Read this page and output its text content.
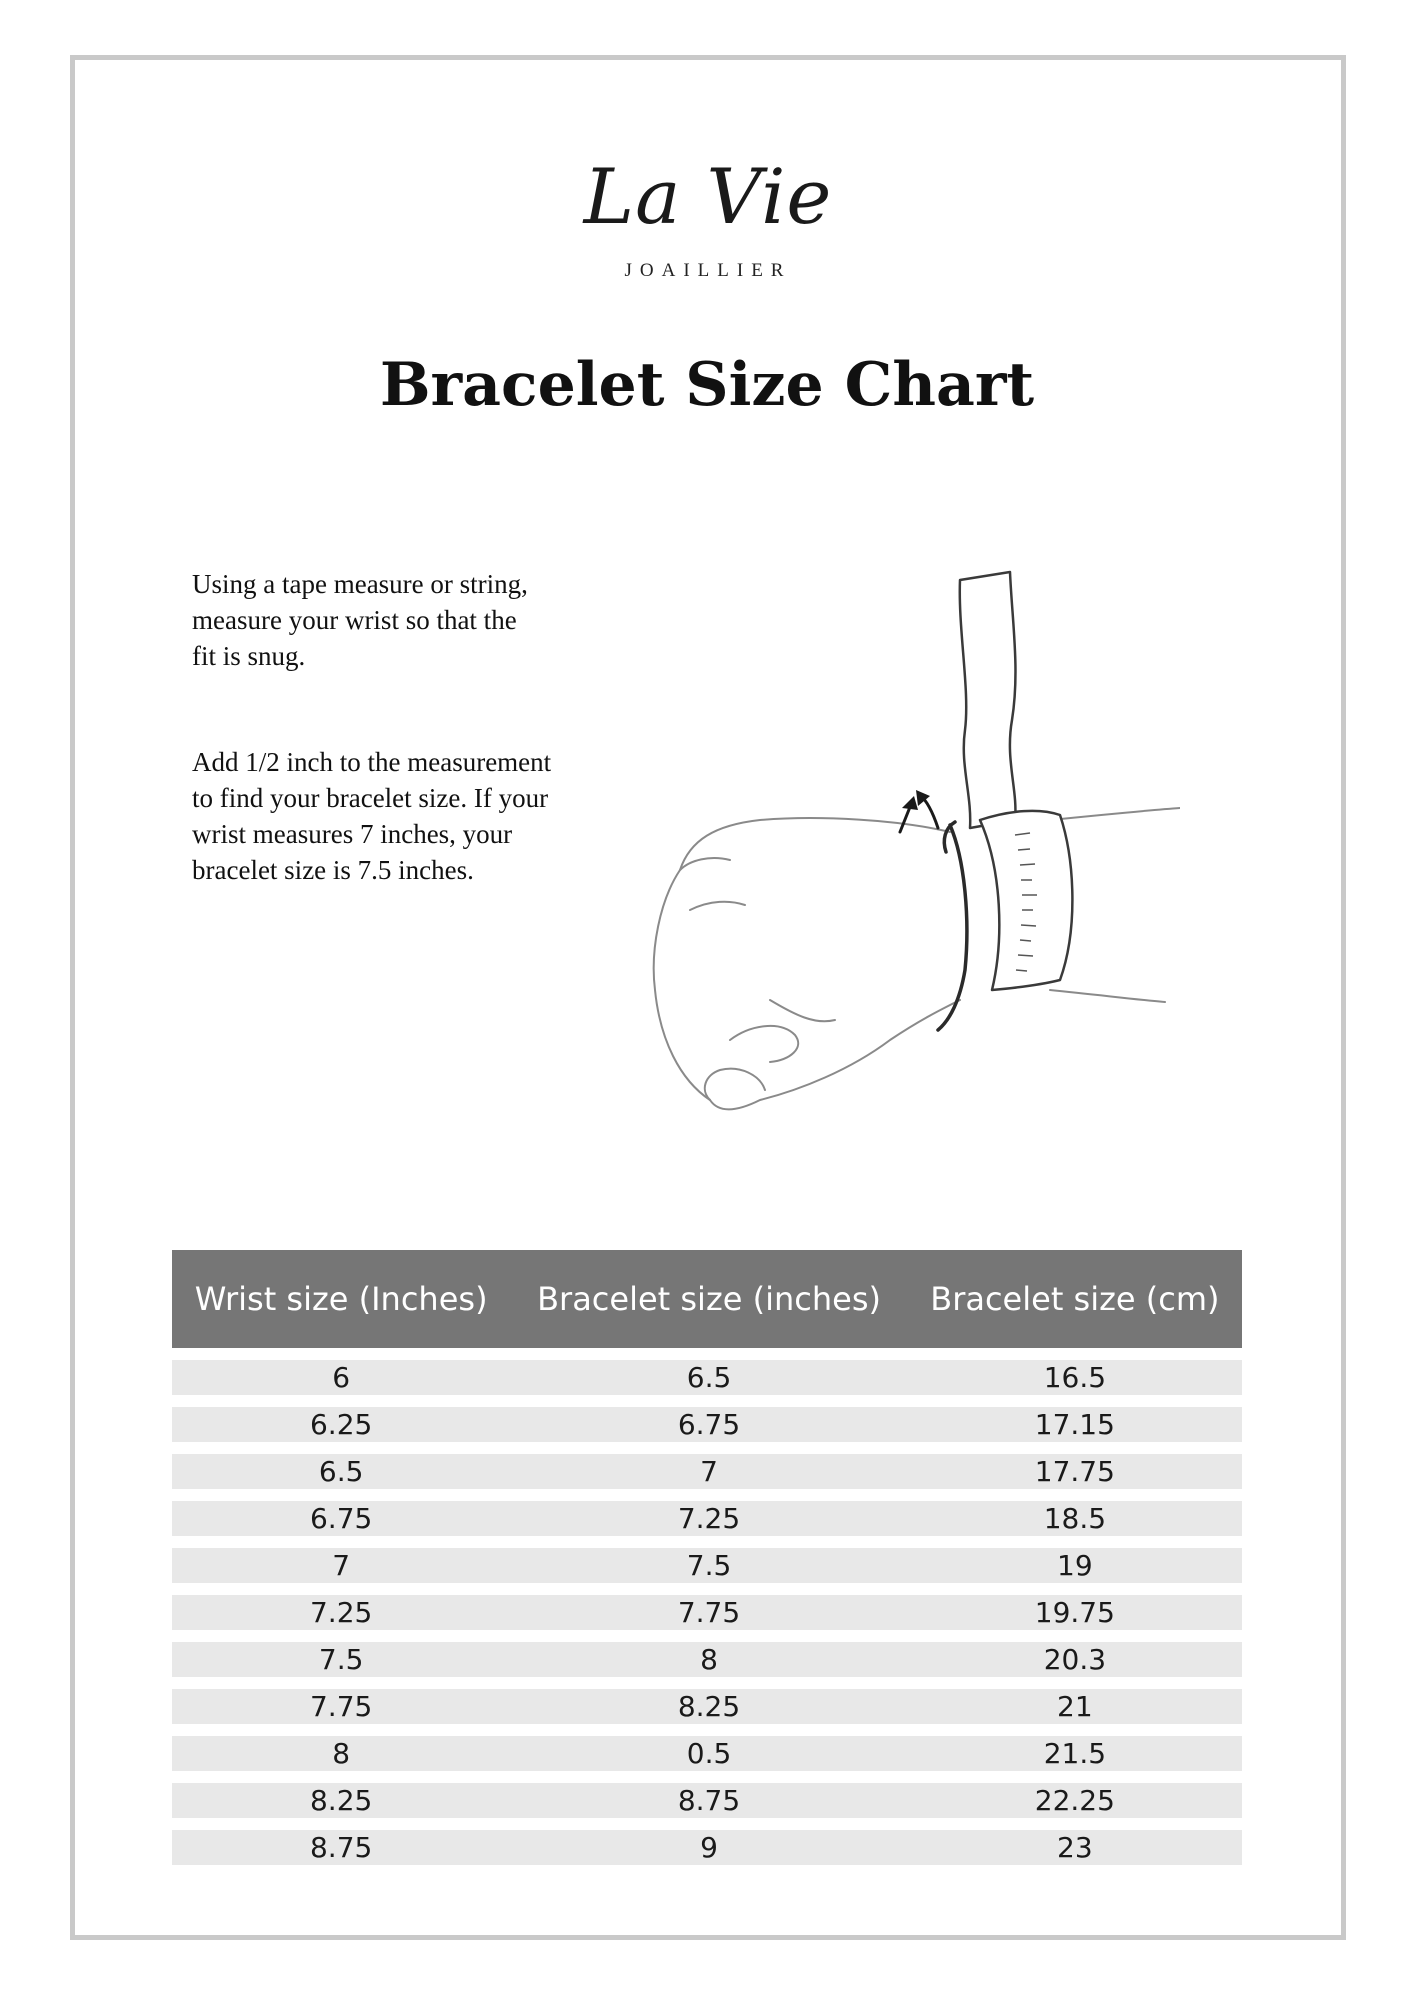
La Vie
JOAILLIER
Bracelet Size Chart

Using a tape measure or string,
measure your wrist so that the
fit is snug.

Add 1/2 inch to the measurement
to find your bracelet size. If your
wrist measures 7 inches, your
bracelet size is 7.5 inches.

Wrist size (Inches)	Bracelet size (inches)	Bracelet size (cm)
6	6.5	16.5
6.25	6.75	17.15
6.5	7	17.75
6.75	7.25	18.5
7	7.5	19
7.25	7.75	19.75
7.5	8	20.3
7.75	8.25	21
8	0.5	21.5
8.25	8.75	22.25
8.75	9	23
